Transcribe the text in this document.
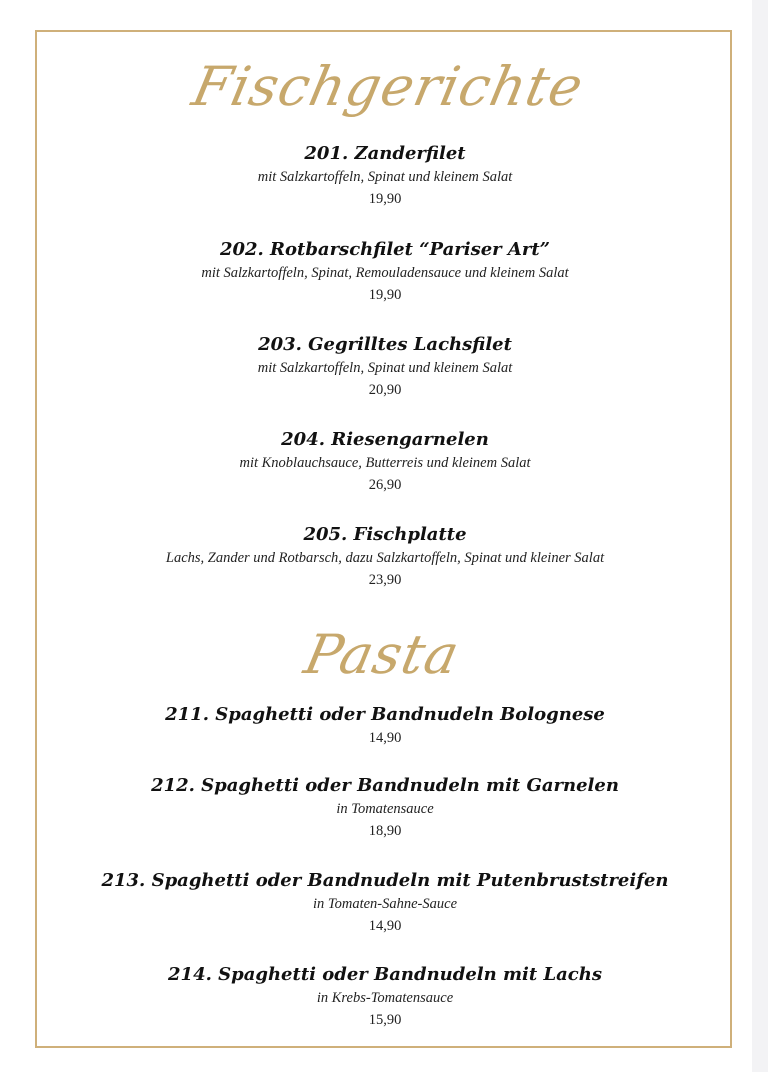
Fischgerichte
201. Zanderfilet
mit Salzkartoffeln, Spinat und kleinem Salat
19,90
202. Rotbarschfilet “Pariser Art”
mit Salzkartoffeln, Spinat, Remouladensauce und kleinem Salat
19,90
203. Gegrilltes Lachsfilet
mit Salzkartoffeln, Spinat und kleinem Salat
20,90
204. Riesengarnelen
mit Knoblauchsauce, Butterreis und kleinem Salat
26,90
205. Fischplatte
Lachs, Zander und Rotbarsch, dazu Salzkartoffeln, Spinat und kleiner Salat
23,90
Pasta
211. Spaghetti oder Bandnudeln Bolognese
14,90
212. Spaghetti oder Bandnudeln mit Garnelen
in Tomatensauce
18,90
213. Spaghetti oder Bandnudeln mit Putenbruststreifen
in Tomaten-Sahne-Sauce
14,90
214. Spaghetti oder Bandnudeln mit Lachs
in Krebs-Tomatensauce
15,90
